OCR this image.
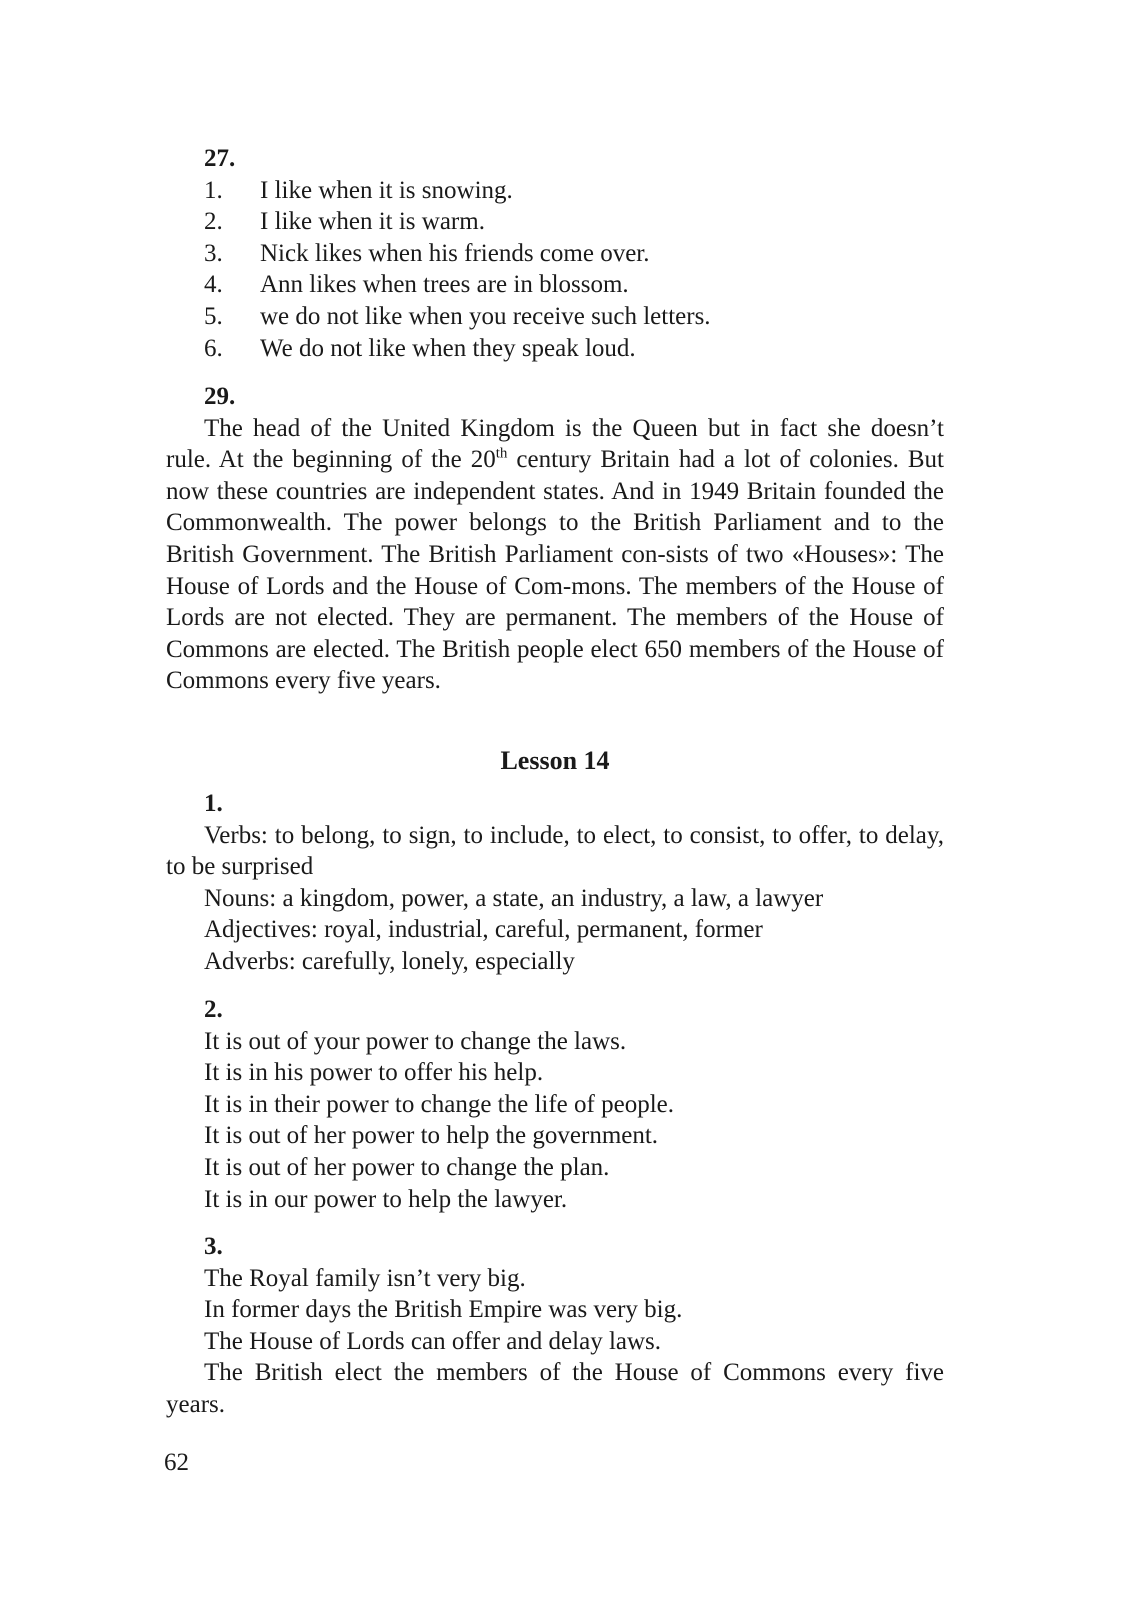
27.
1.	I like when it is snowing.
2.	I like when it is warm.
3.	Nick likes when his friends come over.
4.	Ann likes when trees are in blossom.
5.	we do not like when you receive such letters.
6.	We do not like when they speak loud.
29.

The head of the United Kingdom is the Queen but in fact she doesn’t rule. At the beginning of the 20th century Britain had a lot of colonies. But now these countries are independent states. And in 1949 Britain founded the Commonwealth. The power belongs to the British Parliament and to the British Government. The British Parliament con-sists of two «Houses»: The House of Lords and the House of Com-mons. The members of the House of Lords are not elected. They are permanent. The members of the House of Commons are elected. The British people elect 650 members of the House of Commons every five years.

Lesson 14
1.

Verbs: to belong, to sign, to include, to elect, to consist, to offer, to delay, to be surprised

Nouns: a kingdom, power, a state, an industry, a law, a lawyer
Adjectives: royal, industrial, careful, permanent, former
Adverbs: carefully, lonely, especially
2.
It is out of your power to change the laws.
It is in his power to offer his help.
It is in their power to change the life of people.
It is out of her power to help the government.
It is out of her power to change the plan.
It is in our power to help the lawyer.
3.
The Royal family isn’t very big.
In former days the British Empire was very big.
The House of Lords can offer and delay laws.

The British elect the members of the House of Commons every five years.

62
